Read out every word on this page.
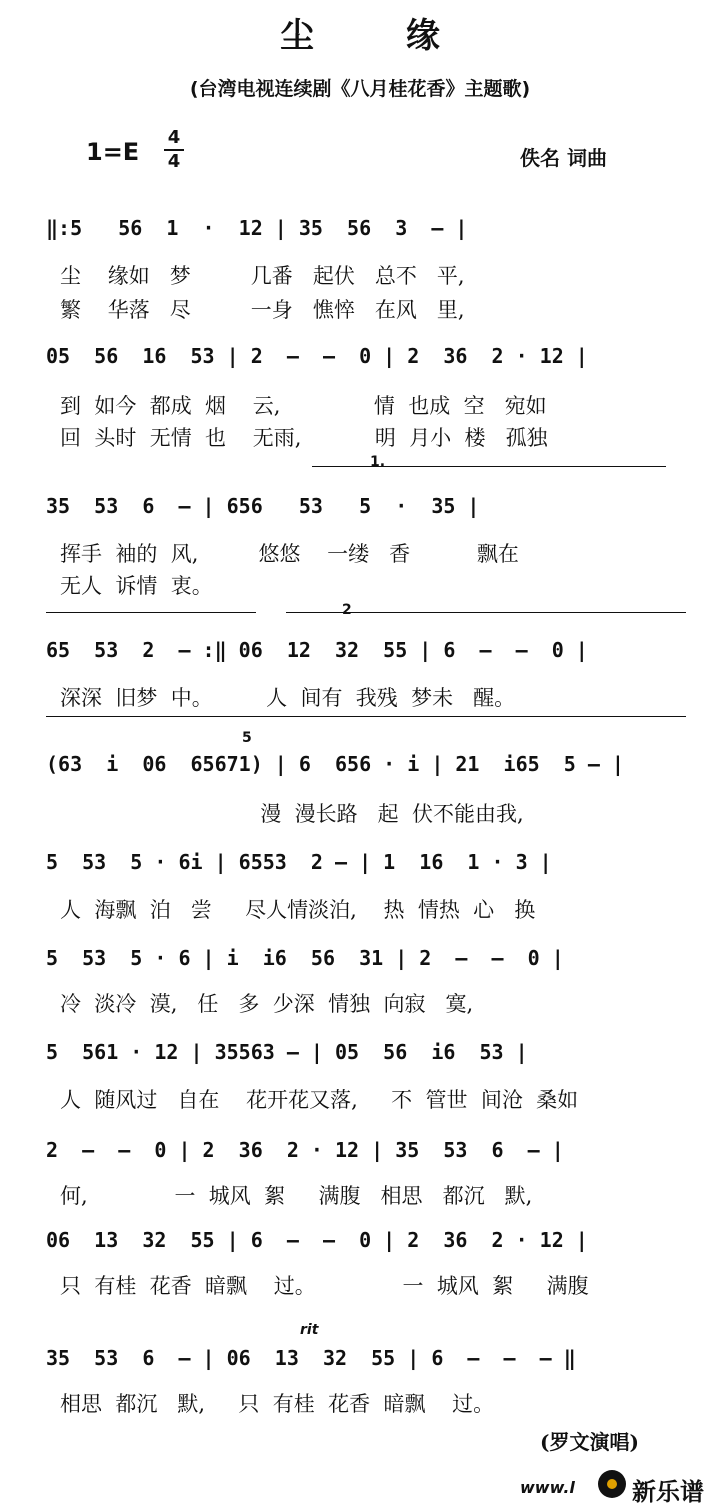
尘 缘
(台湾电视连续剧《八月桂花香》主题歌)
1=E
4
4	佚名 词曲
‖:5   56  1  ·  12 | 35  56  3  — |
尘    缘如   梦         几番   起伏   总不   平,
繁    华落   尽         一身   憔悴   在风   里,
05  56  16  53 | 2  —  —  0 | 2  36  2 · 12 |
到  如今  都成  烟    云,              情  也成  空   宛如
回  头时  无情  也    无雨,           明  月小  楼   孤独
1.
35  53  6  — | 656   53   5  ·  35 |
挥手  袖的  风,         悠悠    一缕   香          飘在
无人  诉情  衷。
2
65  53  2  — :‖ 06  12  32  55 | 6  —  —  0 |
深深  旧梦  中。        人  间有  我残  梦未   醒。
5
(63  i  06  65671) | 6  656 · i | 21  i65  5 — |
漫  漫长路   起  伏不能由我,
5  53  5 · 6i | 6553  2 — | 1  16  1 · 3 |
人  海飘  泊   尝     尽人情淡泊,    热  情热  心   换
5  53  5 · 6 | i  i6  56  31 | 2  —  —  0 |
冷  淡冷  漠,   任   多  少深  情独  向寂   寞,
5  561 · 12 | 35563 — | 05  56  i6  53 |
人  随风过   自在    花开花又落,     不  管世  间沧  桑如
2  —  —  0 | 2  36  2 · 12 | 35  53  6  — |
何,             一  城风  絮     满腹   相思   都沉   默,
06  13  32  55 | 6  —  —  0 | 2  36  2 · 12 |
只  有桂  花香  暗飘    过。             一  城风  絮     满腹
rit
35  53  6  — | 06  13  32  55 | 6  —  —  — ‖
相思  都沉   默,     只  有桂  花香  暗飘    过。
(罗文演唱)
www.l 新乐谱
